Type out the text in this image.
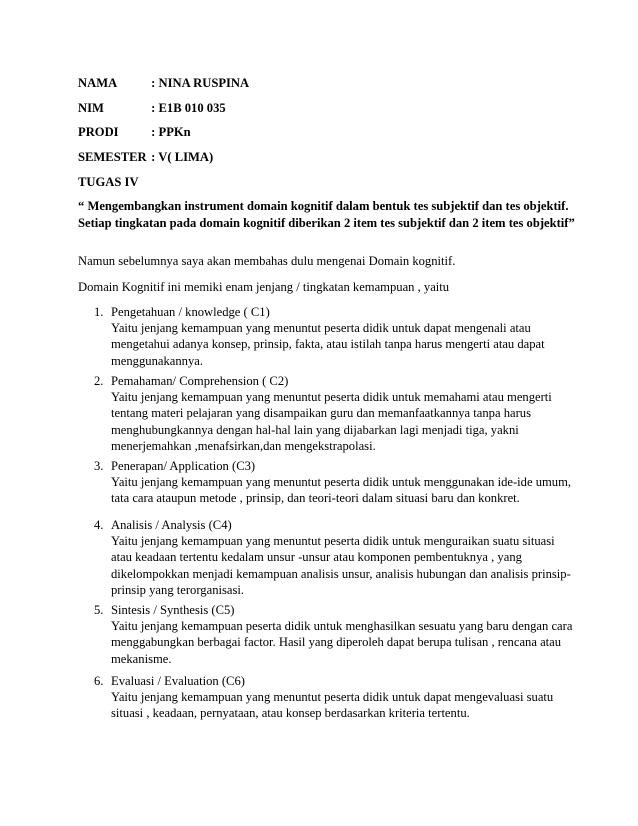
NAMA	: NINA RUSPINA
NIM	: E1B 010 035
PRODI	: PPKn
SEMESTER : V( LIMA)
TUGAS IV
“ Mengembangkan instrument domain kognitif dalam bentuk tes subjektif dan tes objektif. Setiap tingkatan pada domain kognitif diberikan 2 item tes subjektif dan 2 item tes objektif”
Namun sebelumnya saya akan membahas dulu mengenai Domain kognitif.
Domain Kognitif ini memiki enam jenjang / tingkatan kemampuan , yaitu
1. Pengetahuan / knowledge ( C1)
Yaitu jenjang kemampuan yang menuntut peserta didik untuk dapat mengenali atau mengetahui adanya konsep, prinsip, fakta, atau istilah tanpa harus mengerti atau dapat menggunakannya.
2. Pemahaman/ Comprehension ( C2)
Yaitu jenjang kemampuan yang menuntut peserta didik untuk memahami atau mengerti tentang materi pelajaran yang disampaikan guru dan memanfaatkannya tanpa harus menghubungkannya dengan hal-hal lain yang dijabarkan lagi menjadi tiga, yakni menerjemahkan ,menafsirkan,dan mengekstrapolasi.
3. Penerapan/ Application (C3)
Yaitu jenjang kemampuan yang menuntut peserta didik untuk menggunakan ide-ide umum, tata cara ataupun metode , prinsip, dan teori-teori dalam situasi baru dan konkret.
4. Analisis / Analysis (C4)
Yaitu jenjang kemampuan yang menuntut peserta didik untuk menguraikan suatu situasi atau keadaan tertentu kedalam unsur -unsur atau komponen pembentuknya , yang dikelompokkan menjadi kemampuan analisis unsur, analisis hubungan dan analisis prinsip-prinsip yang terorganisasi.
5. Sintesis / Synthesis (C5)
Yaitu jenjang kemampuan peserta didik untuk menghasilkan sesuatu yang baru dengan cara menggabungkan berbagai factor. Hasil yang diperoleh dapat berupa tulisan , rencana atau mekanisme.
6. Evaluasi / Evaluation (C6)
Yaitu jenjang kemampuan yang menuntut peserta didik untuk dapat mengevaluasi suatu situasi , keadaan, pernyataan, atau konsep berdasarkan kriteria tertentu.
